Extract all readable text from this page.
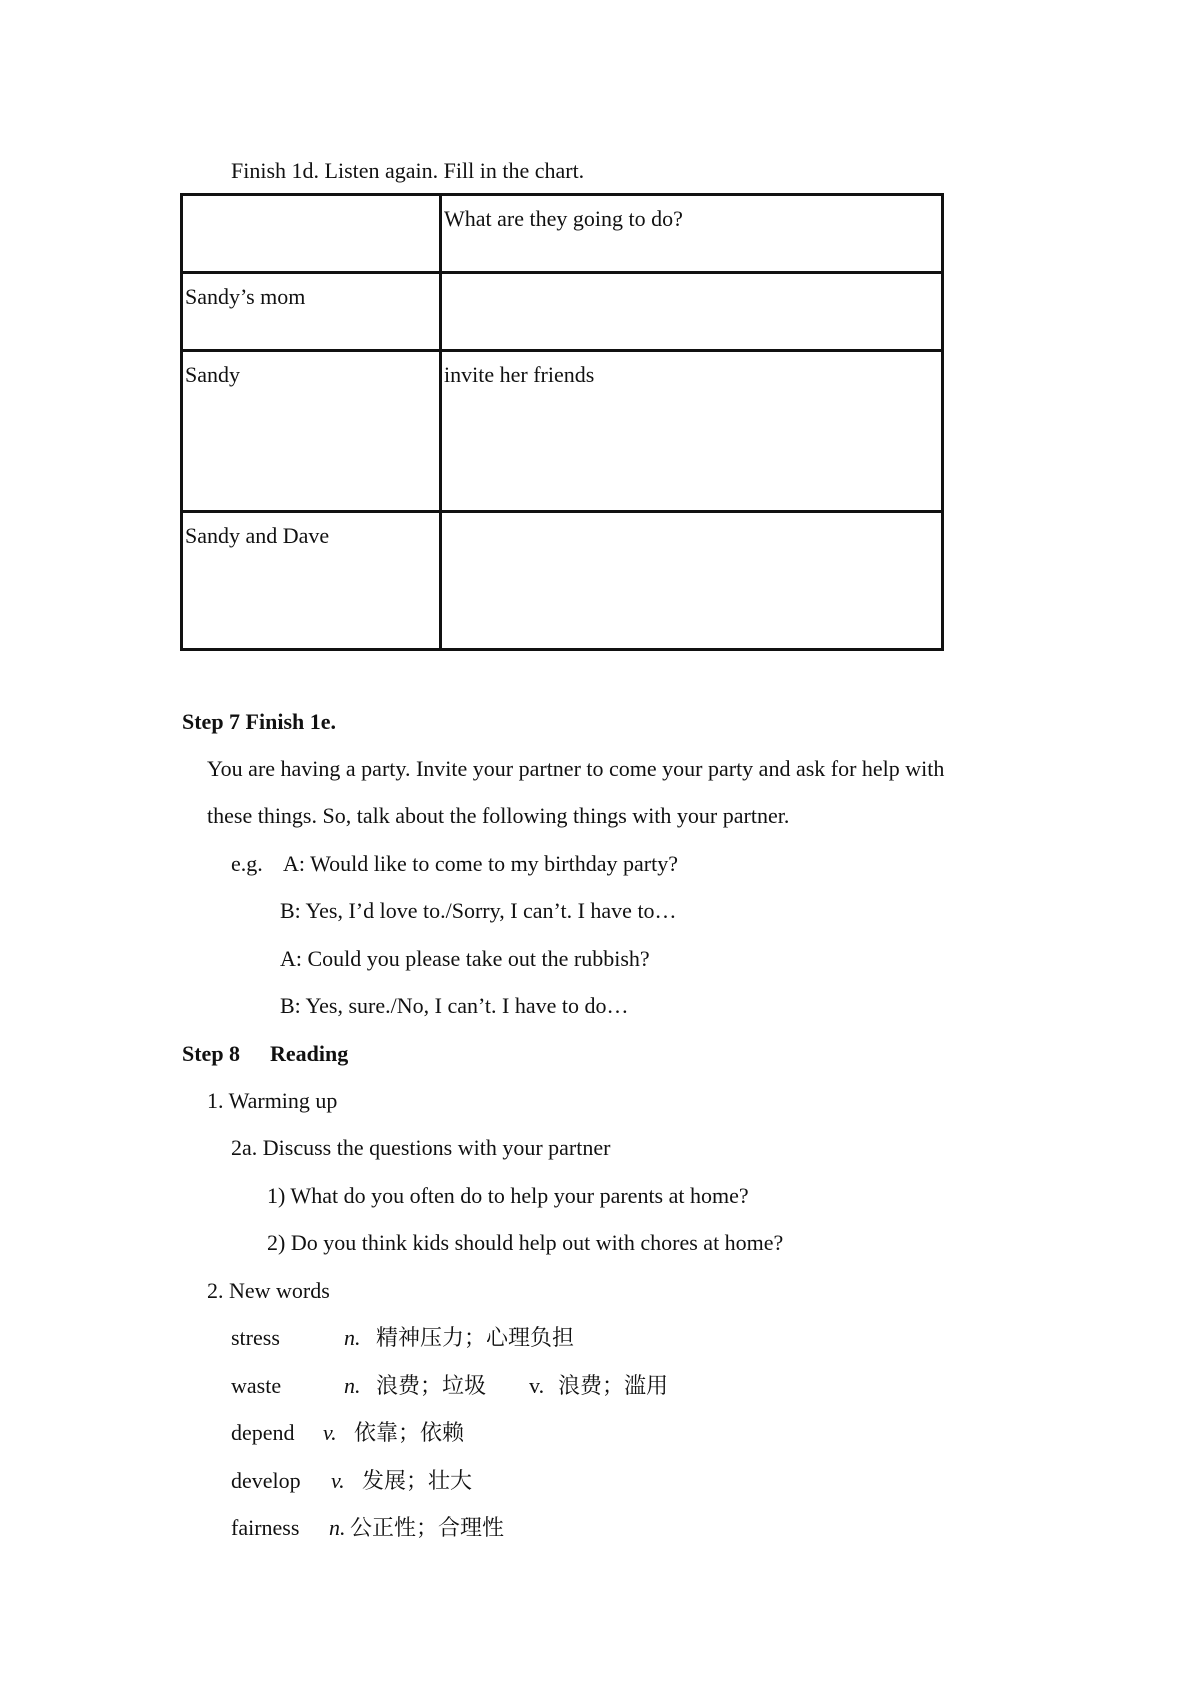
Finish 1d. Listen again. Fill in the chart.

	What are they going to do?

Sandy’s mom	

Sandy	invite her friends

Sandy and Dave	

Step 7 Finish 1e.
You are having a party. Invite your partner to come your party and ask for help with
these things. So, talk about the following things with your partner.
e.g. A: Would like to come to my birthday party?
B: Yes, I’d love to./Sorry, I can’t. I have to…
A: Could you please take out the rubbish?
B: Yes, sure./No, I can’t. I have to do…
Step 8 Reading
1. Warming up
2a. Discuss the questions with your partner
1) What do you often do to help your parents at home?
2) Do you think kids should help out with chores at home?
2. New words
stress	n. 精神压力；心理负担
waste	n. 浪费；垃圾 v. 浪费；滥用
depend v. 依靠；依赖
develop v. 发展；壮大
fairness n. 公正性；合理性
